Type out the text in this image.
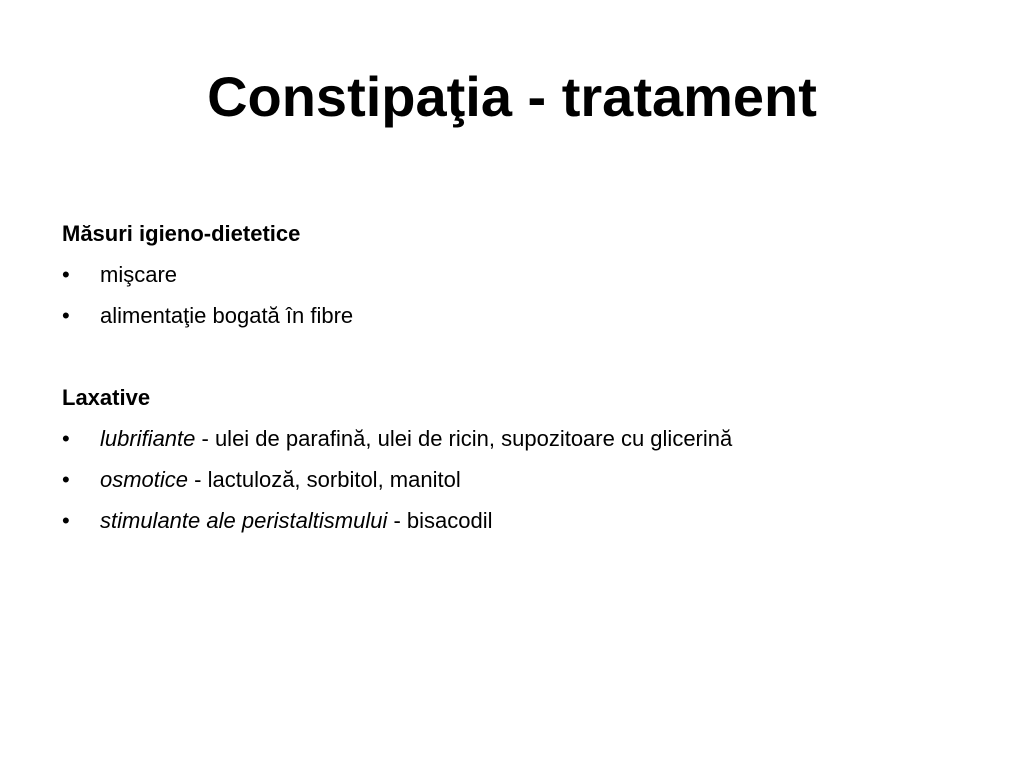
Constipaţia - tratament

Măsuri igieno-dietetice

• mişcare
• alimentaţie bogată în fibre

Laxative

• lubrifiante - ulei de parafină, ulei de ricin, supozitoare cu glicerină
• osmotice - lactuloză, sorbitol, manitol
• stimulante ale peristaltismului - bisacodil
